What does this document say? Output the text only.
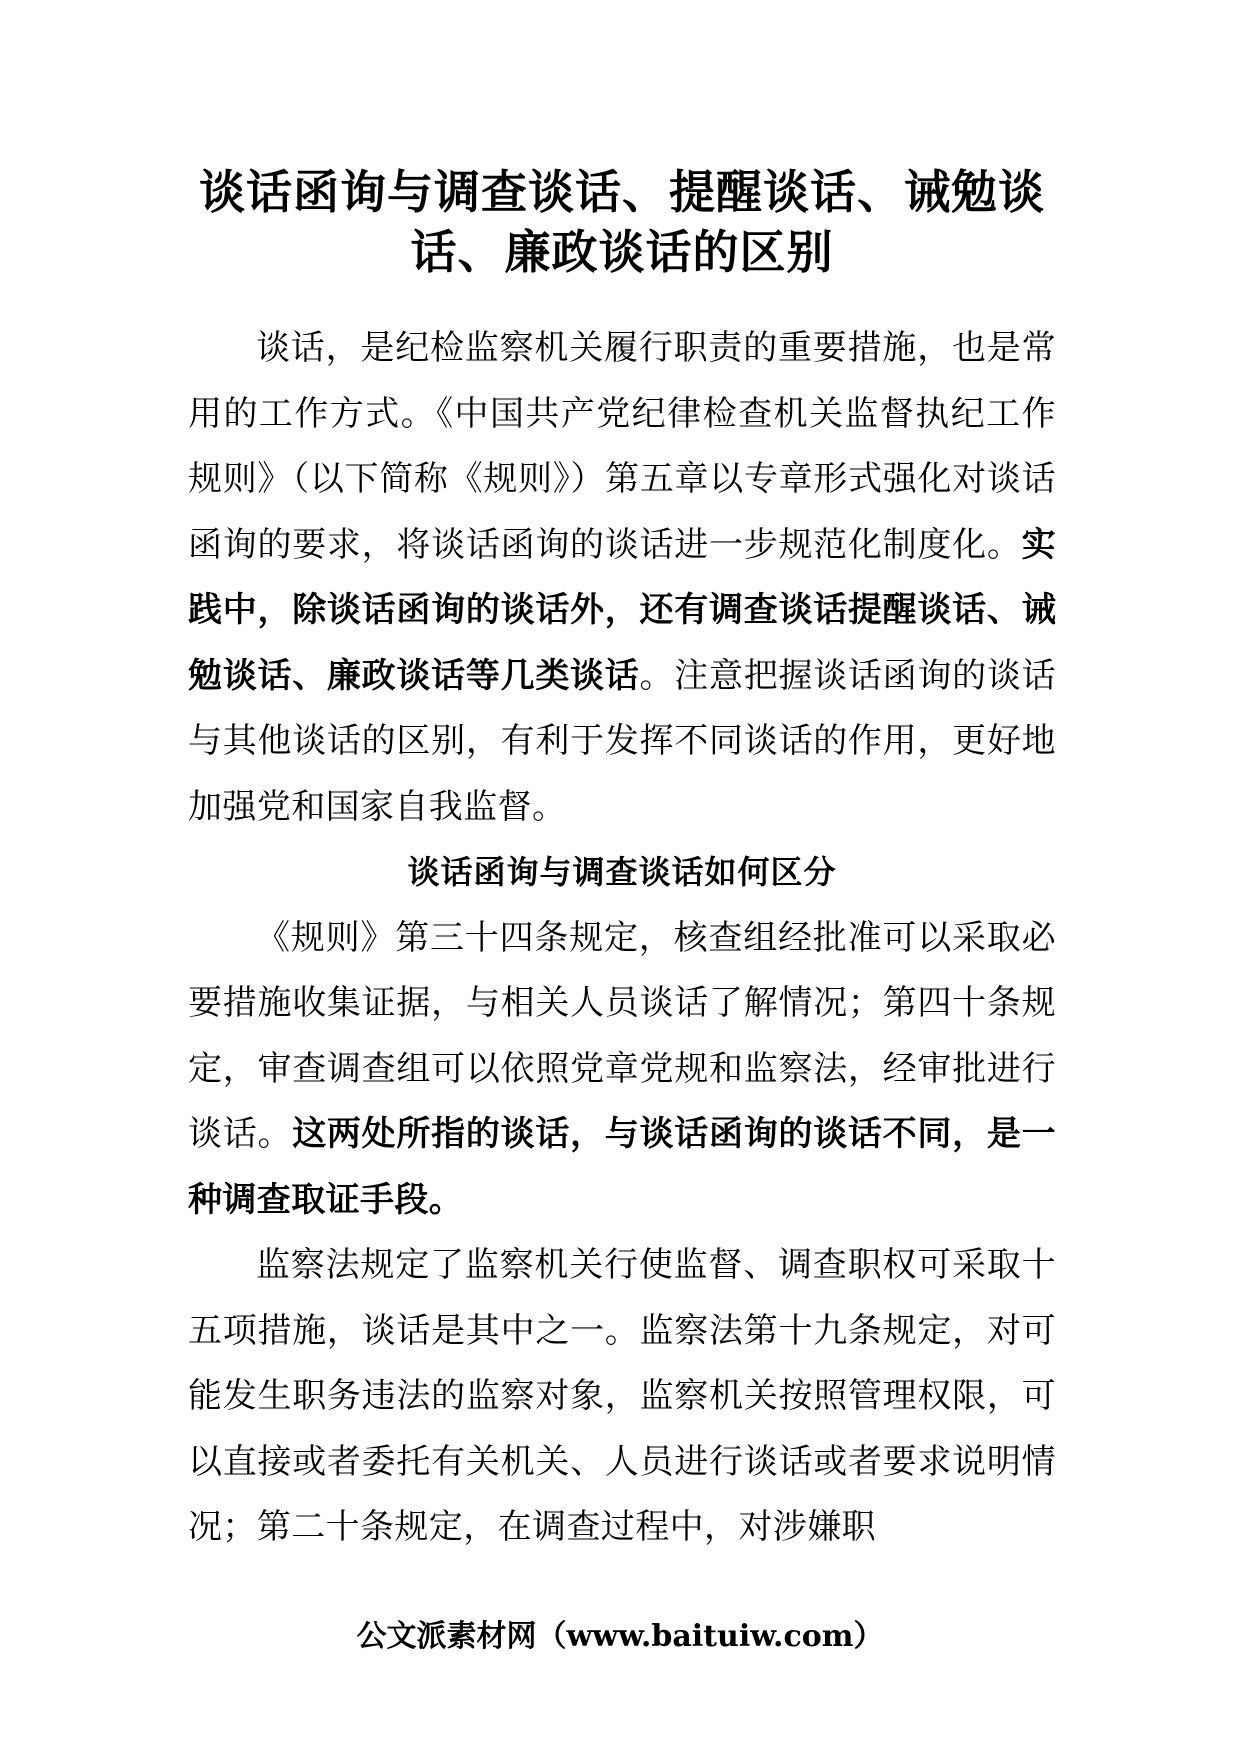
谈话函询与调查谈话、提醒谈话、诫勉谈
话、廉政谈话的区别

谈话，是纪检监察机关履行职责的重要措施，也是常用的工作方式。《中国共产党纪律检查机关监督执纪工作规则》（以下简称《规则》）第五章以专章形式强化对谈话函询的要求，将谈话函询的谈话进一步规范化制度化。实践中，除谈话函询的谈话外，还有调查谈话提醒谈话、诫勉谈话、廉政谈话等几类谈话。注意把握谈话函询的谈话与其他谈话的区别，有利于发挥不同谈话的作用，更好地加强党和国家自我监督。

谈话函询与调查谈话如何区分

《规则》第三十四条规定，核查组经批准可以采取必要措施收集证据，与相关人员谈话了解情况；第四十条规定，审查调查组可以依照党章党规和监察法，经审批进行谈话。这两处所指的谈话，与谈话函询的谈话不同，是一种调查取证手段。

监察法规定了监察机关行使监督、调查职权可采取十五项措施，谈话是其中之一。监察法第十九条规定，对可能发生职务违法的监察对象，监察机关按照管理权限，可以直接或者委托有关机关、人员进行谈话或者要求说明情况；第二十条规定，在调查过程中，对涉嫌职

公文派素材网（www.baituiw.com）
